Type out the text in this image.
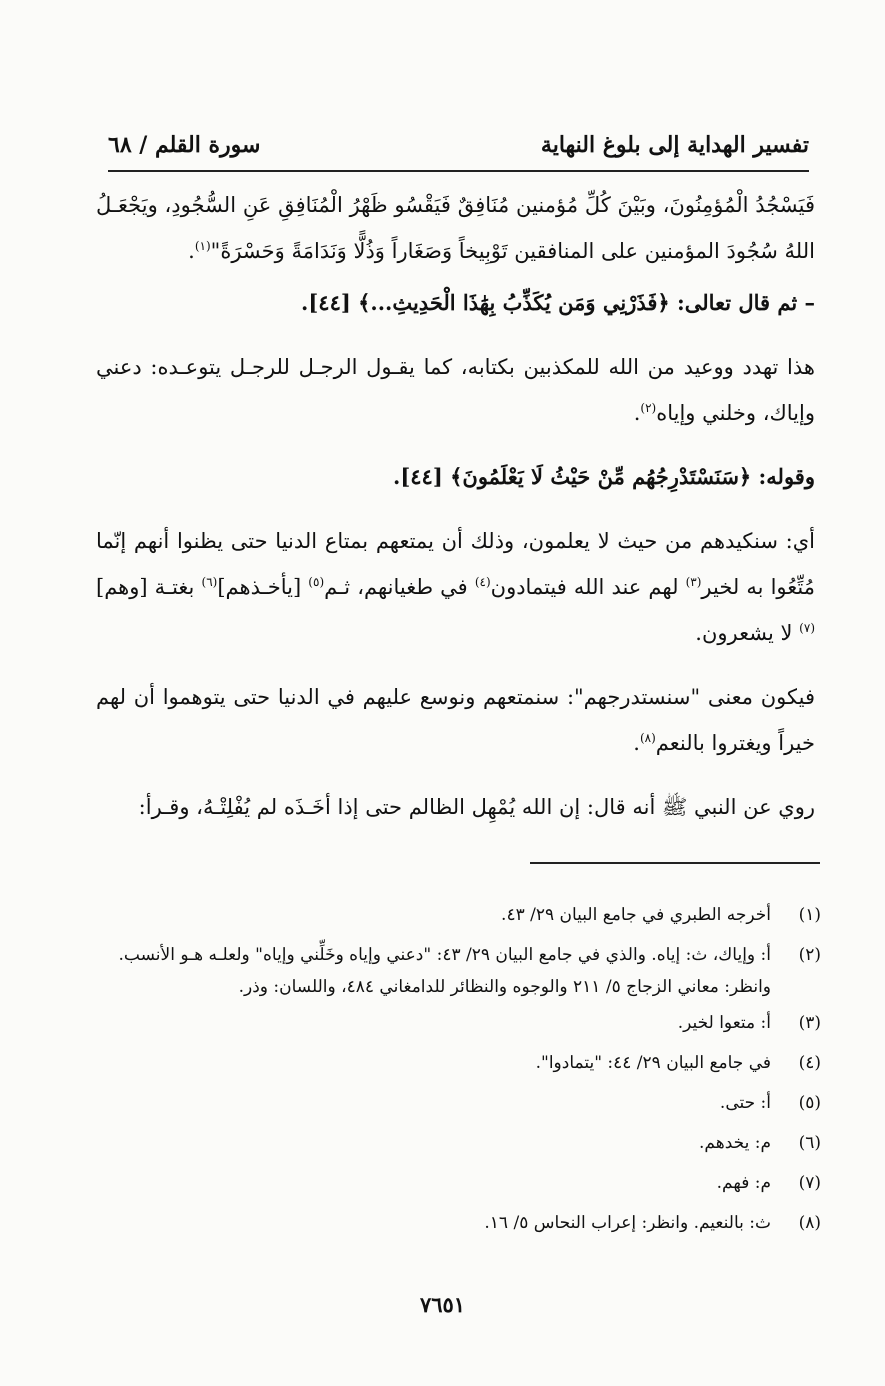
تفسير الهداية إلى بلوغ النهاية
سورة القلم / ٦٨

فَيَسْجُدُ الْمُؤمِنُونَ، وبَيْنَ كُلِّ مُؤمنين مُنَافِقٌ فَيَقْسُو ظَهْرُ الْمُنَافِقِ عَنِ السُّجُودِ، ويَجْعَـلُ اللهُ سُجُودَ المؤمنين على المنافقين تَوْبِيخاً وَصَغَاراً وَذُلًّا وَنَدَامَةً وَحَسْرَةً"$^{(١)}$.

– ثم قال تعالى: ﴿فَذَرْنِي وَمَن يُكَذِّبُ بِهَٰذَا الْحَدِيثِ...﴾ [٤٤].

هذا تهدد ووعيد من الله للمكذبين بكتابه، كما يقـول الرجـل للرجـل يتوعـده: دعني وإياك، وخلني وإياه$^{(٢)}$.

وقوله: ﴿سَنَسْتَدْرِجُهُم مِّنْ حَيْثُ لَا يَعْلَمُونَ﴾ [٤٤].

أي: سنكيدهم من حيث لا يعلمون، وذلك أن يمتعهم بمتاع الدنيا حتى يظنوا أنهم إنّما مُتِّعُوا به لخير$^{(٣)}$ لهم عند الله فيتمادون$^{(٤)}$ في طغيانهم، ثـم$^{(٥)}$ [يأخـذهم]$^{(٦)}$ بغتـة [وهم]$^{(٧)}$ لا يشعرون.

فيكون معنى "سنستدرجهم": سنمتعهم ونوسع عليهم في الدنيا حتى يتوهموا أن لهم خيراً ويغتروا بالنعم$^{(٨)}$.

روي عن النبي ﷺ أنه قال: إن الله يُمْهِل الظالم حتى إذا أخَـذَه لم يُفْلِتْـهُ، وقـرأ:

(١)
أخرجه الطبري في جامع البيان ٢٩/ ٤٣.
(٢)
أ: وإياك، ث: إياه. والذي في جامع البيان ٢٩/ ٤٣: "دعني وإياه وخَلِّني وإياه" ولعلـه هـو الأنسب. وانظر: معاني الزجاج ٥/ ٢١١ والوجوه والنظائر للدامغاني ٤٨٤، واللسان: وذر.
(٣)
أ: متعوا لخير.
(٤)
في جامع البيان ٢٩/ ٤٤: "يتمادوا".
(٥)
أ: حتى.
(٦)
م: يخدهم.
(٧)
م: فهم.
(٨)
ث: بالنعيم. وانظر: إعراب النحاس ٥/ ١٦.
٧٦٥١
